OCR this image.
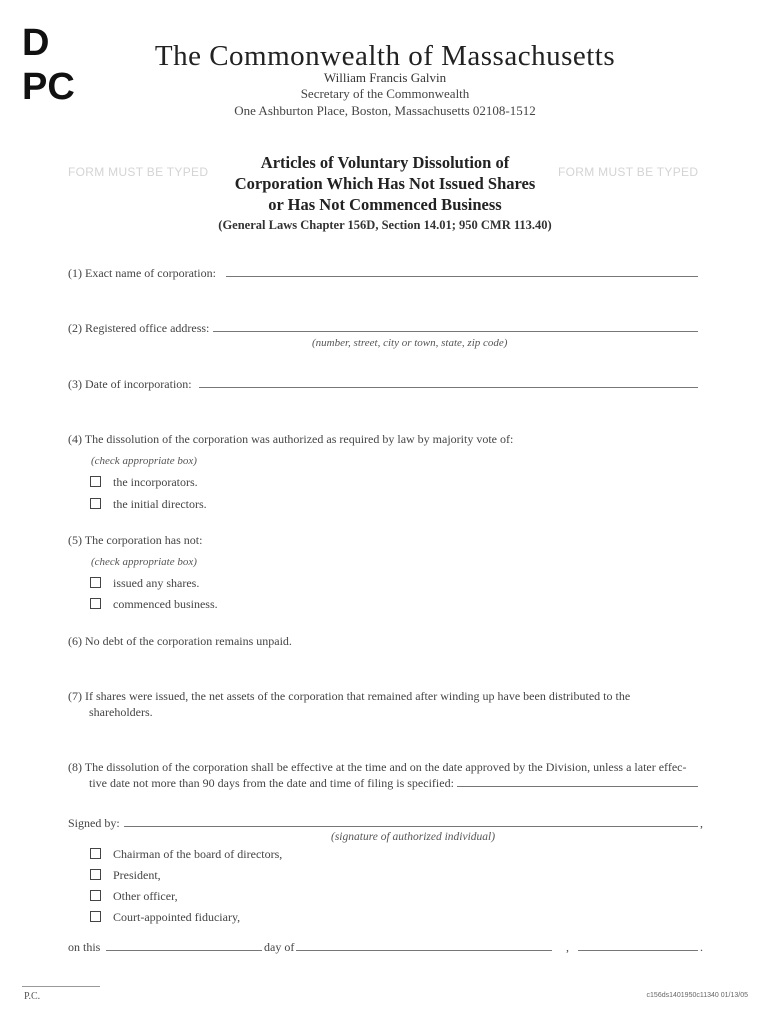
D
PC
The Commonwealth of Massachusetts
William Francis Galvin
Secretary of the Commonwealth
One Ashburton Place, Boston, Massachusetts 02108-1512
FORM MUST BE TYPED	FORM MUST BE TYPED
Articles of Voluntary Dissolution of
Corporation Which Has Not Issued Shares
or Has Not Commenced Business
(General Laws Chapter 156D, Section 14.01; 950 CMR 113.40)
(1) Exact name of corporation:
(2) Registered office address:
(number, street, city or town, state, zip code)
(3) Date of incorporation:
(4) The dissolution of the corporation was authorized as required by law by majority vote of:
(check appropriate box)
the incorporators.
the initial directors.
(5) The corporation has not:
(check appropriate box)
issued any shares.
commenced business.
(6) No debt of the corporation remains unpaid.
(7) If shares were issued, the net assets of the corporation that remained after winding up have been distributed to the
shareholders.
(8) The dissolution of the corporation shall be effective at the time and on the date approved by the Division, unless a later effec-
tive date not more than 90 days from the date and time of filing is specified:
Signed by:	,
(signature of authorized individual)
Chairman of the board of directors,
President,
Other officer,
Court-appointed fiduciary,
on this	day of	,	.
P.C.	c156ds1401950c11340 01/13/05
